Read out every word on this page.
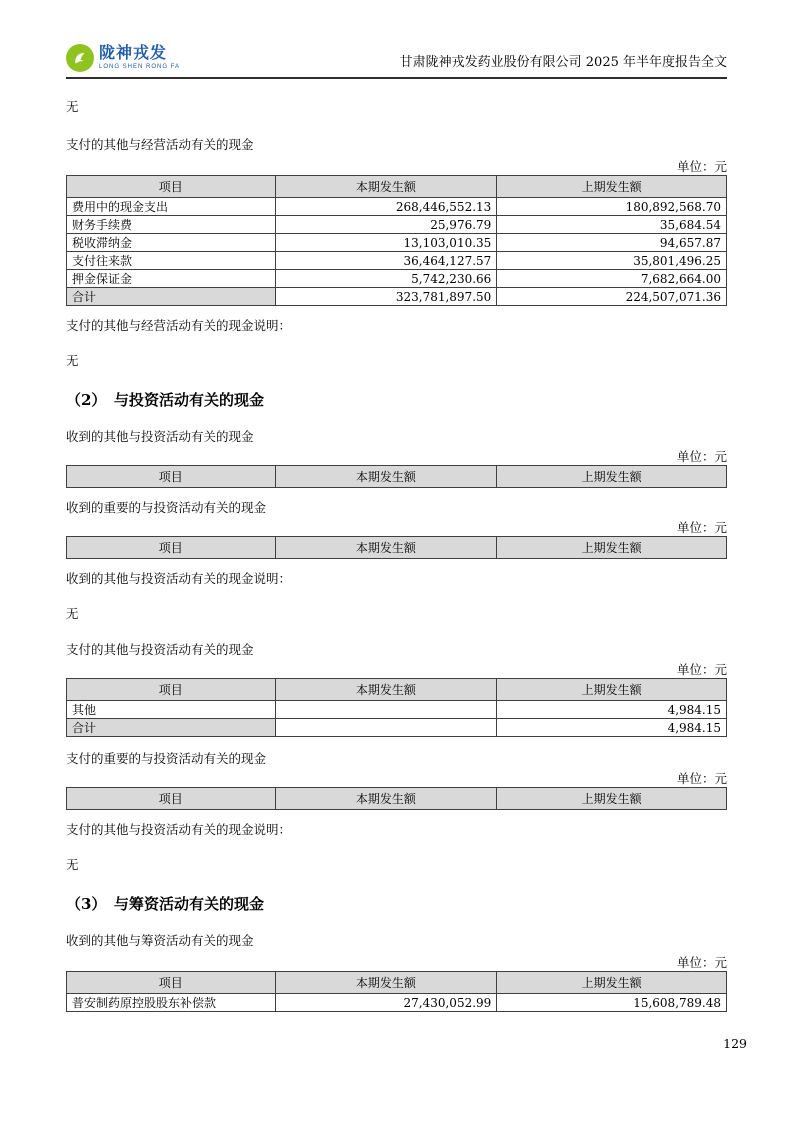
陇神戎发
LONG SHEN RONG FA	甘肃陇神戎发药业股份有限公司 2025 年半年度报告全文

无

支付的其他与经营活动有关的现金

单位：元

项目	本期发生额	上期发生额
费用中的现金支出	268,446,552.13	180,892,568.70
财务手续费	25,976.79	35,684.54
税收滞纳金	13,103,010.35	94,657.87
支付往来款	36,464,127.57	35,801,496.25
押金保证金	5,742,230.66	7,682,664.00
合计	323,781,897.50	224,507,071.36

支付的其他与经营活动有关的现金说明：

无

（2）　与投资活动有关的现金

收到的其他与投资活动有关的现金

单位：元

项目	本期发生额	上期发生额

收到的重要的与投资活动有关的现金

单位：元

项目	本期发生额	上期发生额

收到的其他与投资活动有关的现金说明：

无

支付的其他与投资活动有关的现金

单位：元

项目	本期发生额	上期发生额
其他		4,984.15
合计		4,984.15

支付的重要的与投资活动有关的现金

单位：元

项目	本期发生额	上期发生额

支付的其他与投资活动有关的现金说明：

无

（3）　与筹资活动有关的现金

收到的其他与筹资活动有关的现金

单位：元

项目	本期发生额	上期发生额
普安制药原控股股东补偿款	27,430,052.99	15,608,789.48
129
